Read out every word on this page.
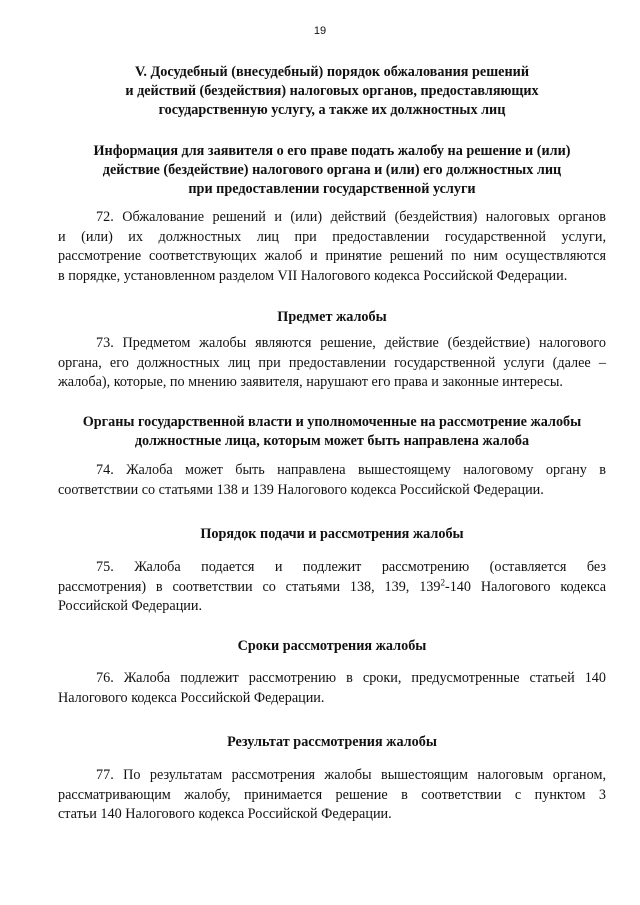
19
V. Досудебный (внесудебный) порядок обжалования решений
и действий (бездействия) налоговых органов, предоставляющих
государственную услугу, а также их должностных лиц
Информация для заявителя о его праве подать жалобу на решение и (или)
действие (бездействие) налогового органа и (или) его должностных лиц
при предоставлении государственной услуги
72. Обжалование решений и (или) действий (бездействия) налоговых органов
и (или) их должностных лиц при предоставлении государственной услуги,
рассмотрение соответствующих жалоб и принятие решений по ним осуществляются
в порядке, установленном разделом VII Налогового кодекса Российской Федерации.
Предмет жалобы
73. Предметом жалобы являются решение, действие (бездействие) налогового
органа, его должностных лиц при предоставлении государственной услуги (далее –
жалоба), которые, по мнению заявителя, нарушают его права и законные интересы.
Органы государственной власти и уполномоченные на рассмотрение жалобы
должностные лица, которым может быть направлена жалоба
74. Жалоба может быть направлена вышестоящему налоговому органу в
соответствии со статьями 138 и 139 Налогового кодекса Российской Федерации.
Порядок подачи и рассмотрения жалобы
75. Жалоба подается и подлежит рассмотрению (оставляется без
рассмотрения) в соответствии со статьями 138, 139, $139^2-140$ Налогового кодекса
Российской Федерации.
Сроки рассмотрения жалобы
76. Жалоба подлежит рассмотрению в сроки, предусмотренные статьей 140
Налогового кодекса Российской Федерации.
Результат рассмотрения жалобы
77. По результатам рассмотрения жалобы вышестоящим налоговым органом,
рассматривающим жалобу, принимается решение в соответствии с пунктом 3
статьи 140 Налогового кодекса Российской Федерации.
